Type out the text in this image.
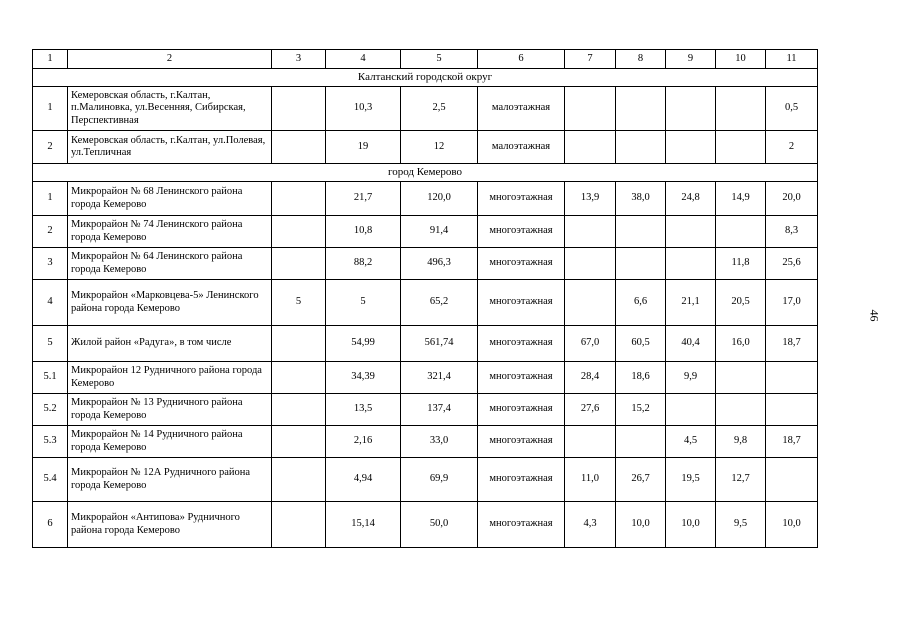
1	2	3	4	5	6	7	8	9	10	11
Калтанский городской округ										
1	Кемеровская область, г.Калтан, п.Малиновка, ул.Весенняя, Сибирская, Перспективная		10,3	2,5	малоэтажная					0,5
2	Кемеровская область, г.Калтан, ул.Полевая, ул.Тепличная		19	12	малоэтажная					2
город Кемерово										
1	Микрорайон № 68 Ленинского района города Кемерово		21,7	120,0	многоэтажная	13,9	38,0	24,8	14,9	20,0
2	Микрорайон № 74 Ленинского района города Кемерово		10,8	91,4	многоэтажная					8,3
3	Микрорайон № 64 Ленинского района города Кемерово		88,2	496,3	многоэтажная				11,8	25,6
4	Микрорайон «Марковцева-5» Ленинского района города Кемерово	5	5	65,2	многоэтажная		6,6	21,1	20,5	17,0
5	Жилой район «Радуга», в том числе		54,99	561,74	многоэтажная	67,0	60,5	40,4	16,0	18,7
5.1	Микрорайон 12 Рудничного района города Кемерово		34,39	321,4	многоэтажная	28,4	18,6	9,9		
5.2	Микрорайон № 13 Рудничного района города Кемерово		13,5	137,4	многоэтажная	27,6	15,2			
5.3	Микрорайон № 14 Рудничного района города Кемерово		2,16	33,0	многоэтажная			4,5	9,8	18,7
5.4	Микрорайон № 12А Рудничного района города Кемерово		4,94	69,9	многоэтажная	11,0	26,7	19,5	12,7	
6	Микрорайон «Антипова» Рудничного района города Кемерово		15,14	50,0	многоэтажная	4,3	10,0	10,0	9,5	10,0
46
